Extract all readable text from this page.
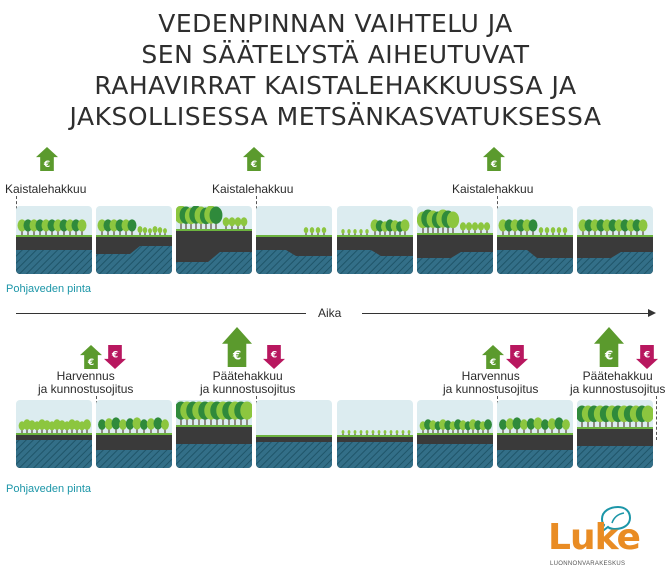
VEDENPINNAN VAIHTELU JA
SEN SÄÄTELYSTÄ AIHEUTUVAT
RAHAVIRRAT KAISTALEHAKKUUSSA JA
JAKSOLLISESSA METSÄNKASVATUKSESSA
Kaistalehakkuu	Kaistalehakkuu	Kaistalehakkuu
€	€	€
Pohjaveden pinta
Aika
€
€	€	€
€
€	€	€
Harvennus
ja kunnostusojitus
Päätehakkuu
ja kunnostusojitus
Harvennus
ja kunnostusojitus
Päätehakkuu
ja kunnostusojitus
Pohjaveden pinta
Luke
LUONNONVARAKESKUS
